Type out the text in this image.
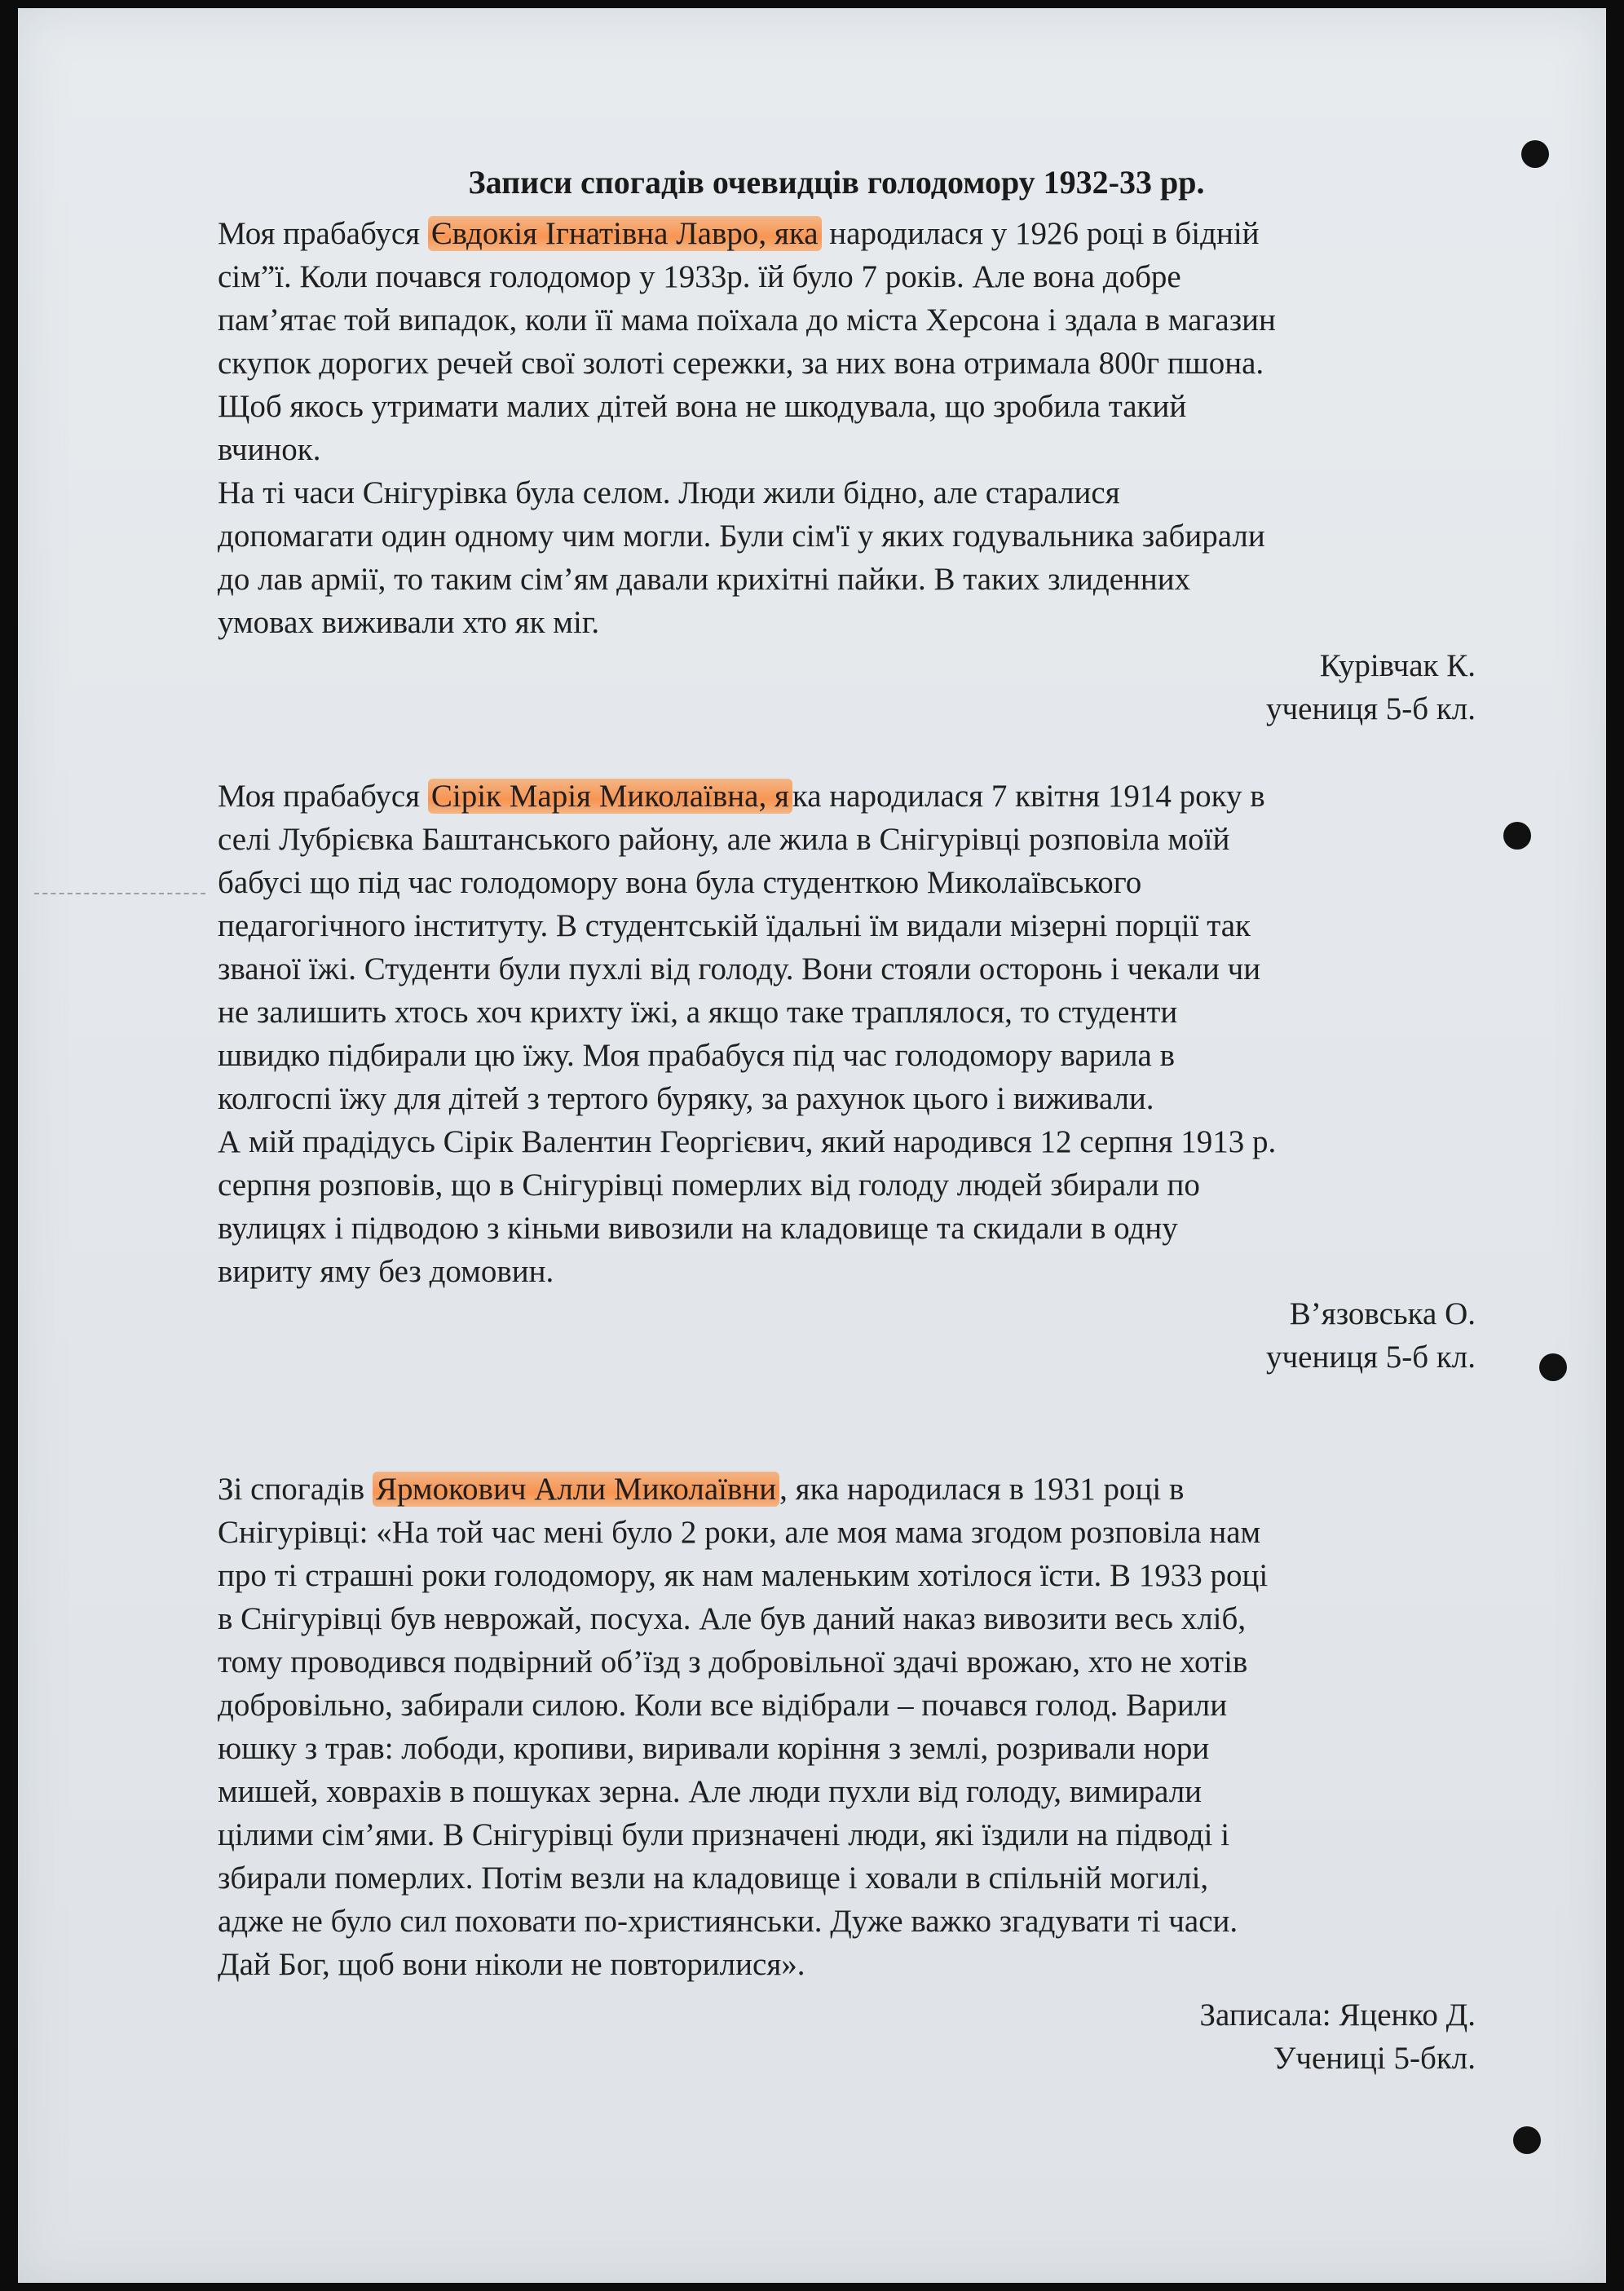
Записи спогадів очевидців голодомору 1932-33 рр.
Моя прабабуся Євдокія Ігнатівна Лавро, яка народилася у 1926 році в бідній
сім”ї. Коли почався голодомор у 1933р. їй було 7 років. Але вона добре
пам’ятає той випадок, коли її мама поїхала до міста Херсона і здала в магазин
скупок дорогих речей свої золоті сережки, за них вона отримала 800г пшона.
Щоб якось утримати малих дітей вона не шкодувала, що зробила такий
вчинок.
На ті часи Снігурівка була селом. Люди жили бідно, але старалися
допомагати один одному чим могли. Були сім'ї у яких годувальника забирали
до лав армії, то таким сім’ям давали крихітні пайки. В таких злиденних
умовах виживали хто як міг.
Курівчак К.
учениця 5-б кл.
Моя прабабуся Сірік Марія Миколаївна, я ка народилася 7 квітня 1914 року в
селі Лубрієвка Баштанського району, але жила в Снігурівці розповіла моїй
бабусі що під час голодомору вона була студенткою Миколаївського
педагогічного інституту. В студентській їдальні їм видали мізерні порції так
званої їжі. Студенти були пухлі від голоду. Вони стояли осторонь і чекали чи
не залишить хтось хоч крихту їжі, а якщо таке траплялося, то студенти
швидко підбирали цю їжу. Моя прабабуся під час голодомору варила в
колгоспі їжу для дітей з тертого буряку, за рахунок цього і виживали.
А мій прадідусь Сірік Валентин Георгієвич, який народився 12 серпня 1913 р.
серпня розповів, що в Снігурівці померлих від голоду людей збирали по
вулицях і підводою з кіньми вивозили на кладовище та скидали в одну
вириту яму без домовин.
В’язовська О.
учениця 5-б кл.
Зі спогадів Ярмокович Алли Миколаївни , яка народилася в 1931 році в
Снігурівці: «На той час мені було 2 роки, але моя мама згодом розповіла нам
про ті страшні роки голодомору, як нам маленьким хотілося їсти. В 1933 році
в Снігурівці був неврожай, посуха. Але був даний наказ вивозити весь хліб,
тому проводився подвірний об’їзд з добровільної здачі врожаю, хто не хотів
добровільно, забирали силою. Коли все відібрали – почався голод. Варили
юшку з трав: лободи, кропиви, виривали коріння з землі, розривали нори
мишей, ховрахів в пошуках зерна. Але люди пухли від голоду, вимирали
цілими сім’ями. В Снігурівці були призначені люди, які їздили на підводі і
збирали померлих. Потім везли на кладовище і ховали в спільній могилі,
адже не було сил поховати по-християнськи. Дуже важко згадувати ті часи.
Дай Бог, щоб вони ніколи не повторилися».
Записала: Яценко Д.
Учениці 5-бкл.
